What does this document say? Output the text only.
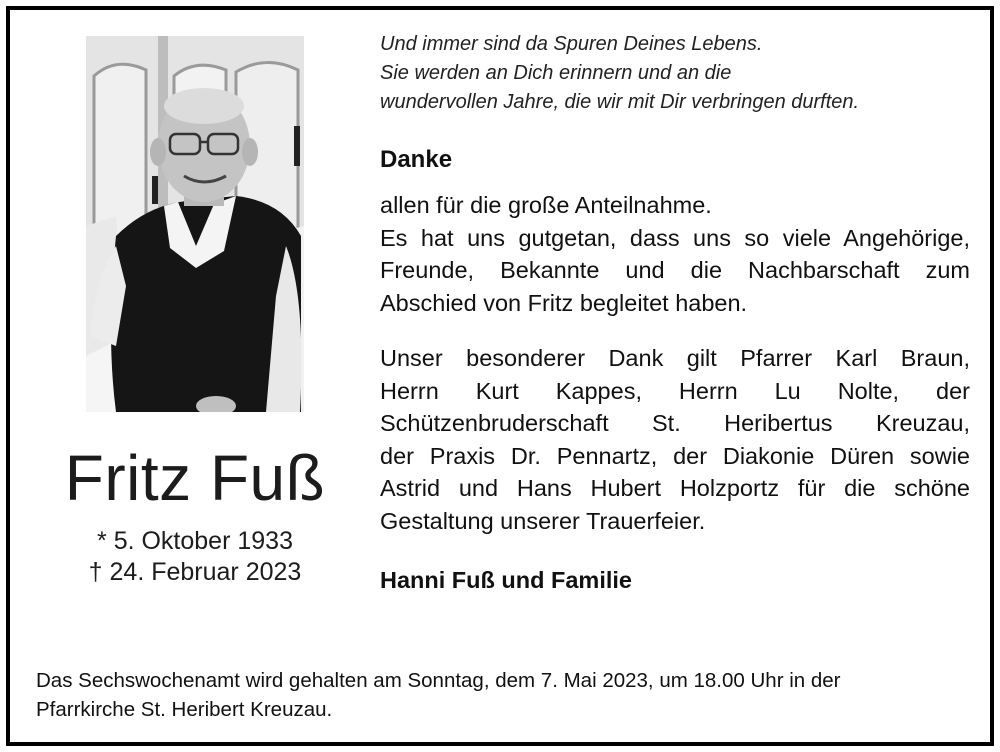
Fritz Fuß
* 5. Oktober 1933
† 24. Februar 2023
Und immer sind da Spuren Deines Lebens.
Sie werden an Dich erinnern und an die
wundervollen Jahre, die wir mit Dir verbringen durften.
Danke
allen für die große Anteilnahme.
Es hat uns gutgetan, dass uns so viele Angehörige,
Freunde, Bekannte und die Nachbarschaft zum
Abschied von Fritz begleitet haben.
Unser besonderer Dank gilt Pfarrer Karl Braun,
Herrn Kurt Kappes, Herrn Lu Nolte, der
Schützenbruderschaft St. Heribertus Kreuzau,
der Praxis Dr. Pennartz, der Diakonie Düren sowie
Astrid und Hans Hubert Holzportz für die schöne
Gestaltung unserer Trauerfeier.
Hanni Fuß und Familie
Das Sechswochenamt wird gehalten am Sonntag, dem 7. Mai 2023, um 18.00 Uhr in der
Pfarrkirche St. Heribert Kreuzau.
